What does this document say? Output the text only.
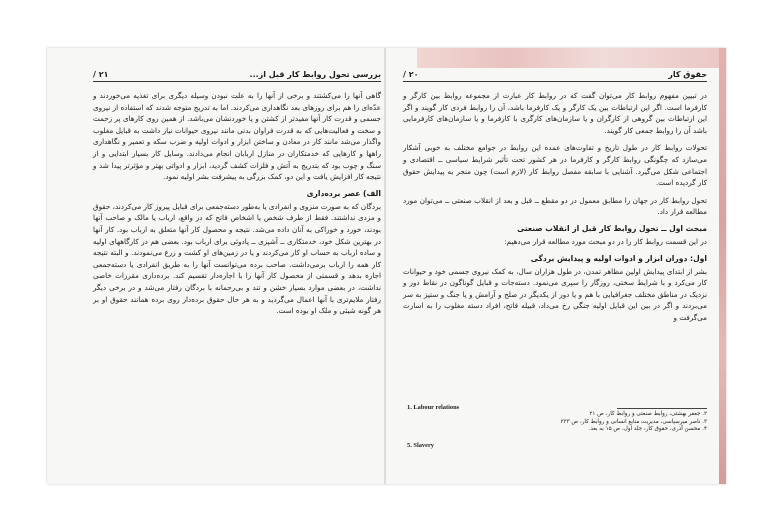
بررسی تحول روابط کار قبل از...
۲۱ /

گاهی آنها را می‌کشتند و برخی از آنها را به علت نبودن وسیله دیگری برای تغذیه می‌خوردند و عدّه‌ای را هم برای روزهای بعد نگاهداری می‌کردند. اما به تدریج متوجه شدند که استفاده از نیروی جسمی و قدرت کار آنها مفیدتر از کشتن و یا خوردنشان می‌باشد. از همین روی کارهای پر زحمت و سخت و فعالیت‌هایی که به قدرت فراوان بدنی مانند نیروی حیوانات نیاز داشت به قبایل مغلوب واگذار می‌شد مانند کار در معادن و ساختن ابزار و ادوات اولیه و ضرب سکه و تعمیر و نگاهداری راهها و کارهایی که خدمتکاران در منازل اربابان انجام می‌دادند. وسایل کار بسیار ابتدایی و از سنگ و چوب بود که بتدریج به آتش و فلزات کشف گردید، ابزار و ادواتی بهتر و مؤثرتر پیدا شد و نتیجه کار افزایش یافت و این دو، کمک بزرگی به پیشرفت بشر اولیه نمود.

الف) عصر برده‌داری

بردگان که به صورت منزوی و انفرادی یا به‌طور دسته‌جمعی برای قبایل پیروز کار می‌کردند، حقوق و مزدی نداشتند. فقط از طرف شخص یا اشخاص فاتح که در واقع، ارباب یا مالک و صاحب آنها بودند، خورد و خوراکی به آنان داده می‌شد. نتیجه و محصول کار آنها متعلق به ارباب بود. کار آنها در بهترین شکل خود، خدمتکاری ــ آشپزی ــ پادوئی برای ارباب بود. بعضی هم در کارگاههای اولیه و ساده ارباب به حساب او کار می‌کردند و یا در زمین‌های او کشت و زرع می‌نمودند. و البته نتیجه کار همه را ارباب برمی‌داشت. صاحب برده می‌توانست آنها را به طریق انفرادی یا دسته‌جمعی اجاره بدهد و قسمتی از محصول کار آنها را با اجاره‌دار تقسیم کند. برده‌داری مقررات خاصی نداشت، در بعضی موارد بسیار خشن و تند و بی‌رحمانه با بردگان رفتار می‌شد و در برخی دیگر رفتار ملایم‌تری با آنها اعمال می‌گردید و به هر حال حقوق برده‌دار روی برده همانند حقوق او بر هر گونه شیئی و ملک او بوده است.

حقوق کار
۲۰ /

در تبیین مفهوم روابط کار می‌توان گفت که در روابط کار عبارت از مجموعه روابط بین کارگر و کارفرما است. اگر این ارتباطات بین یک کارگر و یک کارفرما باشد، آن را روابط فردی کار گویند و اگر این ارتباطات بین گروهی از کارگران و یا سازمان‌های کارگری با کارفرما و یا سازمان‌های کارفرمایی باشد آن را روابط جمعی کار گویند.

تحولات روابط کار در طول تاریخ و تفاوت‌های عمده این روابط در جوامع مختلف به خوبی آشکار می‌سازد که چگونگی روابط کارگر و کارفرما در هر کشور تحت تأثیر شرایط سیاسی ــ اقتصادی و اجتماعی شکل می‌گیرد. آشنایی با سابقه مفصل روابط کار (لازم است) چون منجر به پیدایش حقوق کار گردیده است.

تحول روابط کار در جهان را مطابق معمول در دو مقطع ــ قبل و بعد از انقلاب صنعتی ــ می‌توان مورد مطالعه قرار داد.

مبحث اول ــ تحول روابط کار قبل از انقلاب صنعتی

در این قسمت روابط کار را در دو مبحث مورد مطالعه قرار می‌دهیم:

اول: دوران ابزار و ادوات اولیه و پیدایش بردگی

بشر از ابتدای پیدایش اولین مظاهر تمدن، در طول هزاران سال، به کمک نیروی جسمی خود و حیوانات کار می‌کرد و با شرایط سختی، روزگار را سپری می‌نمود. دسته‌جات و قبایل گوناگون در نقاط دور و نزدیک در مناطق مختلف جغرافیایی با هم و یا دور از یکدیگر در صلح و آرامش و یا جنگ و ستیز به سر می‌بردند و اگر در بین این قبایل اولیه جنگی رخ می‌داد، قبیله فاتح، افراد دسته مغلوب را به اسارت می‌گرفت و

1. Labour relations
5. Slavery
۲. جعفر بهشتی، روابط صنعتی و روابط کار، ص ۲۱
۳. ناصر میرسپاسی، مدیریت منابع انسانی و روابط کار، ص ۲۳۳
۴. محسن آذری، حقوق کار، جلد اول، ص ۱۵ به بعد.
